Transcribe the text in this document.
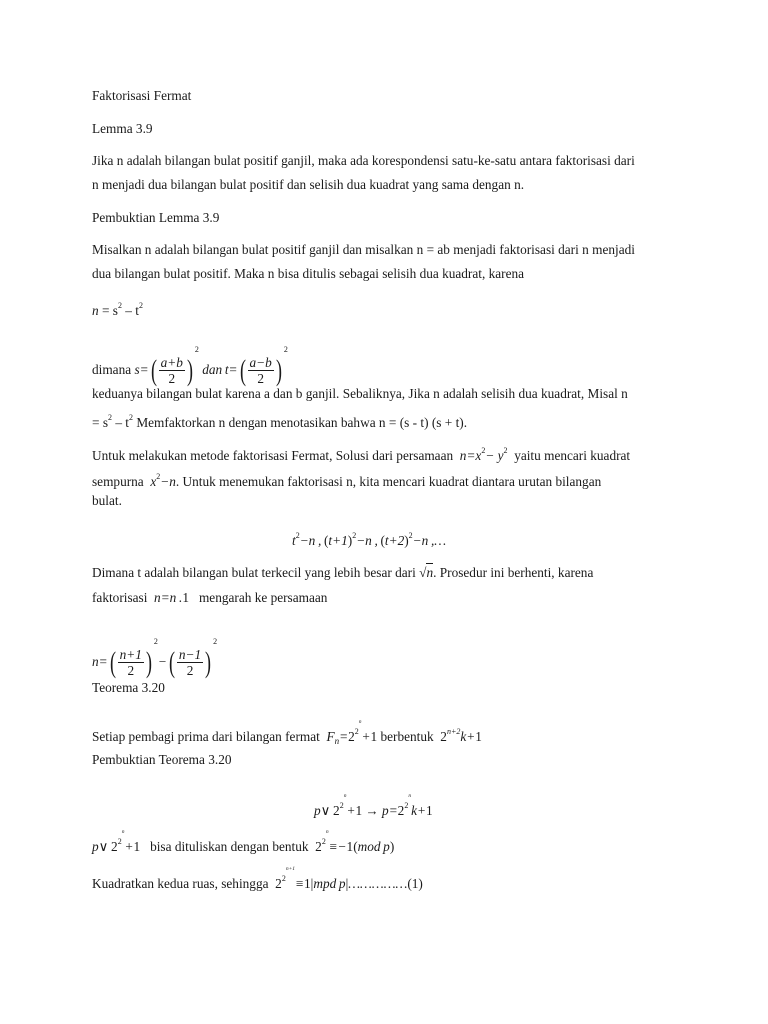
Faktorisasi Fermat
Lemma 3.9
Jika n adalah bilangan bulat positif ganjil, maka ada korespondensi satu-ke-satu antara faktorisasi dari
n menjadi dua bilangan bulat positif dan selisih dua kuadrat yang sama dengan n.
Pembuktian Lemma 3.9
Misalkan n adalah bilangan bulat positif ganjil dan misalkan n = ab menjadi faktorisasi dari n menjadi
dua bilangan bulat positif. Maka n bisa ditulis sebagai selisih dua kuadrat, karena
$n = s^2 - t^2$
dimana $s=( \frac{a+b}{2} )^2$ dan $t=( \frac{a-b}{2} )^2$
keduanya bilangan bulat karena a dan b ganjil. Sebaliknya, Jika n adalah selisih dua kuadrat, Misal n
= $s^2 - t^2$ Memfaktorkan n dengan menotasikan bahwa n = (s - t) (s + t).
Untuk melakukan metode faktorisasi Fermat, Solusi dari persamaan  $n=x^2- y^2$ yaitu mencari kuadrat
sempurna  $x^2-n$. Untuk menemukan faktorisasi n, kita mencari kuadrat diantara urutan bilangan
bulat.
$t^2-n$ , $(t+1)^2-n$ , $(t+2)^2-n$ ,…
Dimana t adalah bilangan bulat terkecil yang lebih besar dari √n. Prosedur ini berhenti, karena
faktorisasi  n=n .1 mengarah ke persamaan
$n=( \frac{n+1}{2} )^2-( \frac{n-1}{2} )^2$
Teorema 3.20
Setiap pembagi prima dari bilangan fermat  $F_n=2^{2^n}+1$ berbentuk $2^{n+2}k+1$
Pembuktian Teorema 3.20
p∨ $2^{2^n}+1 \to p=2^{2^n}k+1$
p∨ $2^{2^n}+1$ bisa dituliskan dengan bentuk $2^{2^n}\equiv-1(mod$ p)
Kuadratkan kedua ruas, sehingga $2^{2^{n+1}}\equiv 1|mpd$ p|……………(1)
